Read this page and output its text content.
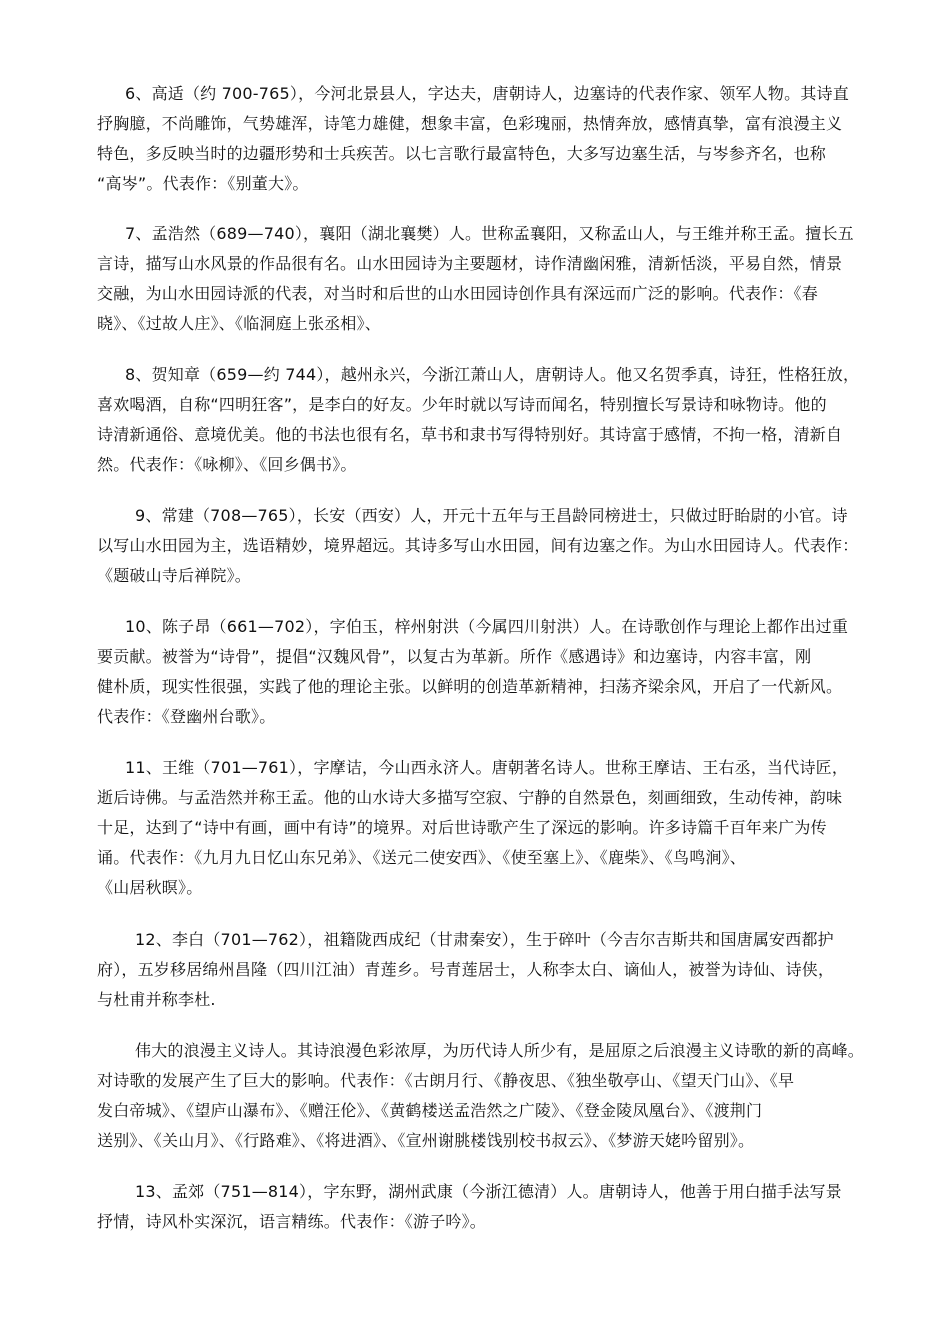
6、高适（约 700-765），今河北景县人，字达夫，唐朝诗人，边塞诗的代表作家、领军人物。其诗直
抒胸臆，不尚雕饰，气势雄浑，诗笔力雄健，想象丰富，色彩瑰丽，热情奔放，感情真挚，富有浪漫主义
特色，多反映当时的边疆形势和士兵疾苦。以七言歌行最富特色，大多写边塞生活，与岑参齐名，也称
“高岑”。代表作：《别董大》。
7、孟浩然（689—740），襄阳（湖北襄樊）人。世称孟襄阳，又称孟山人，与王维并称王孟。擅长五
言诗，描写山水风景的作品很有名。山水田园诗为主要题材，诗作清幽闲雅，清新恬淡，平易自然，情景
交融，为山水田园诗派的代表，对当时和后世的山水田园诗创作具有深远而广泛的影响。代表作：《春
晓》、《过故人庄》、《临洞庭上张丞相》、
8、贺知章（659—约 744），越州永兴，今浙江萧山人，唐朝诗人。他又名贺季真，诗狂，性格狂放，
喜欢喝酒，自称“四明狂客”，是李白的好友。少年时就以写诗而闻名，特别擅长写景诗和咏物诗。他的
诗清新通俗、意境优美。他的书法也很有名，草书和隶书写得特别好。其诗富于感情，不拘一格，清新自
然。代表作：《咏柳》、《回乡偶书》。
9、常建（708—765），长安（西安）人，开元十五年与王昌龄同榜进士，只做过盱眙尉的小官。诗
以写山水田园为主，选语精妙，境界超远。其诗多写山水田园，间有边塞之作。为山水田园诗人。代表作：
《题破山寺后禅院》。
10、陈子昂（661—702），字伯玉，梓州射洪（今属四川射洪）人。在诗歌创作与理论上都作出过重
要贡献。被誉为“诗骨”，提倡“汉魏风骨”，以复古为革新。所作《感遇诗》和边塞诗，内容丰富，刚
健朴质，现实性很强，实践了他的理论主张。以鲜明的创造革新精神，扫荡齐梁余风，开启了一代新风。
代表作：《登幽州台歌》。
11、王维（701—761），字摩诘，今山西永济人。唐朝著名诗人。世称王摩诘、王右丞，当代诗匠，
逝后诗佛。与孟浩然并称王孟。他的山水诗大多描写空寂、宁静的自然景色，刻画细致，生动传神，韵味
十足，达到了“诗中有画，画中有诗”的境界。对后世诗歌产生了深远的影响。许多诗篇千百年来广为传
诵。代表作：《九月九日忆山东兄弟》、《送元二使安西》、《使至塞上》、《鹿柴》、《鸟鸣涧》、
《山居秋暝》。
12、李白（701—762），祖籍陇西成纪（甘肃秦安），生于碎叶（今吉尔吉斯共和国唐属安西都护
府），五岁移居绵州昌隆（四川江油）青莲乡。号青莲居士，人称李太白、谪仙人，被誉为诗仙、诗侠，
与杜甫并称李杜.
伟大的浪漫主义诗人。其诗浪漫色彩浓厚，为历代诗人所少有，是屈原之后浪漫主义诗歌的新的高峰。
对诗歌的发展产生了巨大的影响。代表作：《古朗月行、《静夜思、《独坐敬亭山、《望天门山》、《早
发白帝城》、《望庐山瀑布》、《赠汪伦》、《黄鹤楼送孟浩然之广陵》、《登金陵凤凰台》、《渡荆门
送别》、《关山月》、《行路难》、《将进酒》、《宣州谢朓楼饯别校书叔云》、《梦游天姥吟留别》。
13、孟郊（751—814），字东野，湖州武康（今浙江德清）人。唐朝诗人，他善于用白描手法写景
抒情，诗风朴实深沉，语言精练。代表作：《游子吟》。
